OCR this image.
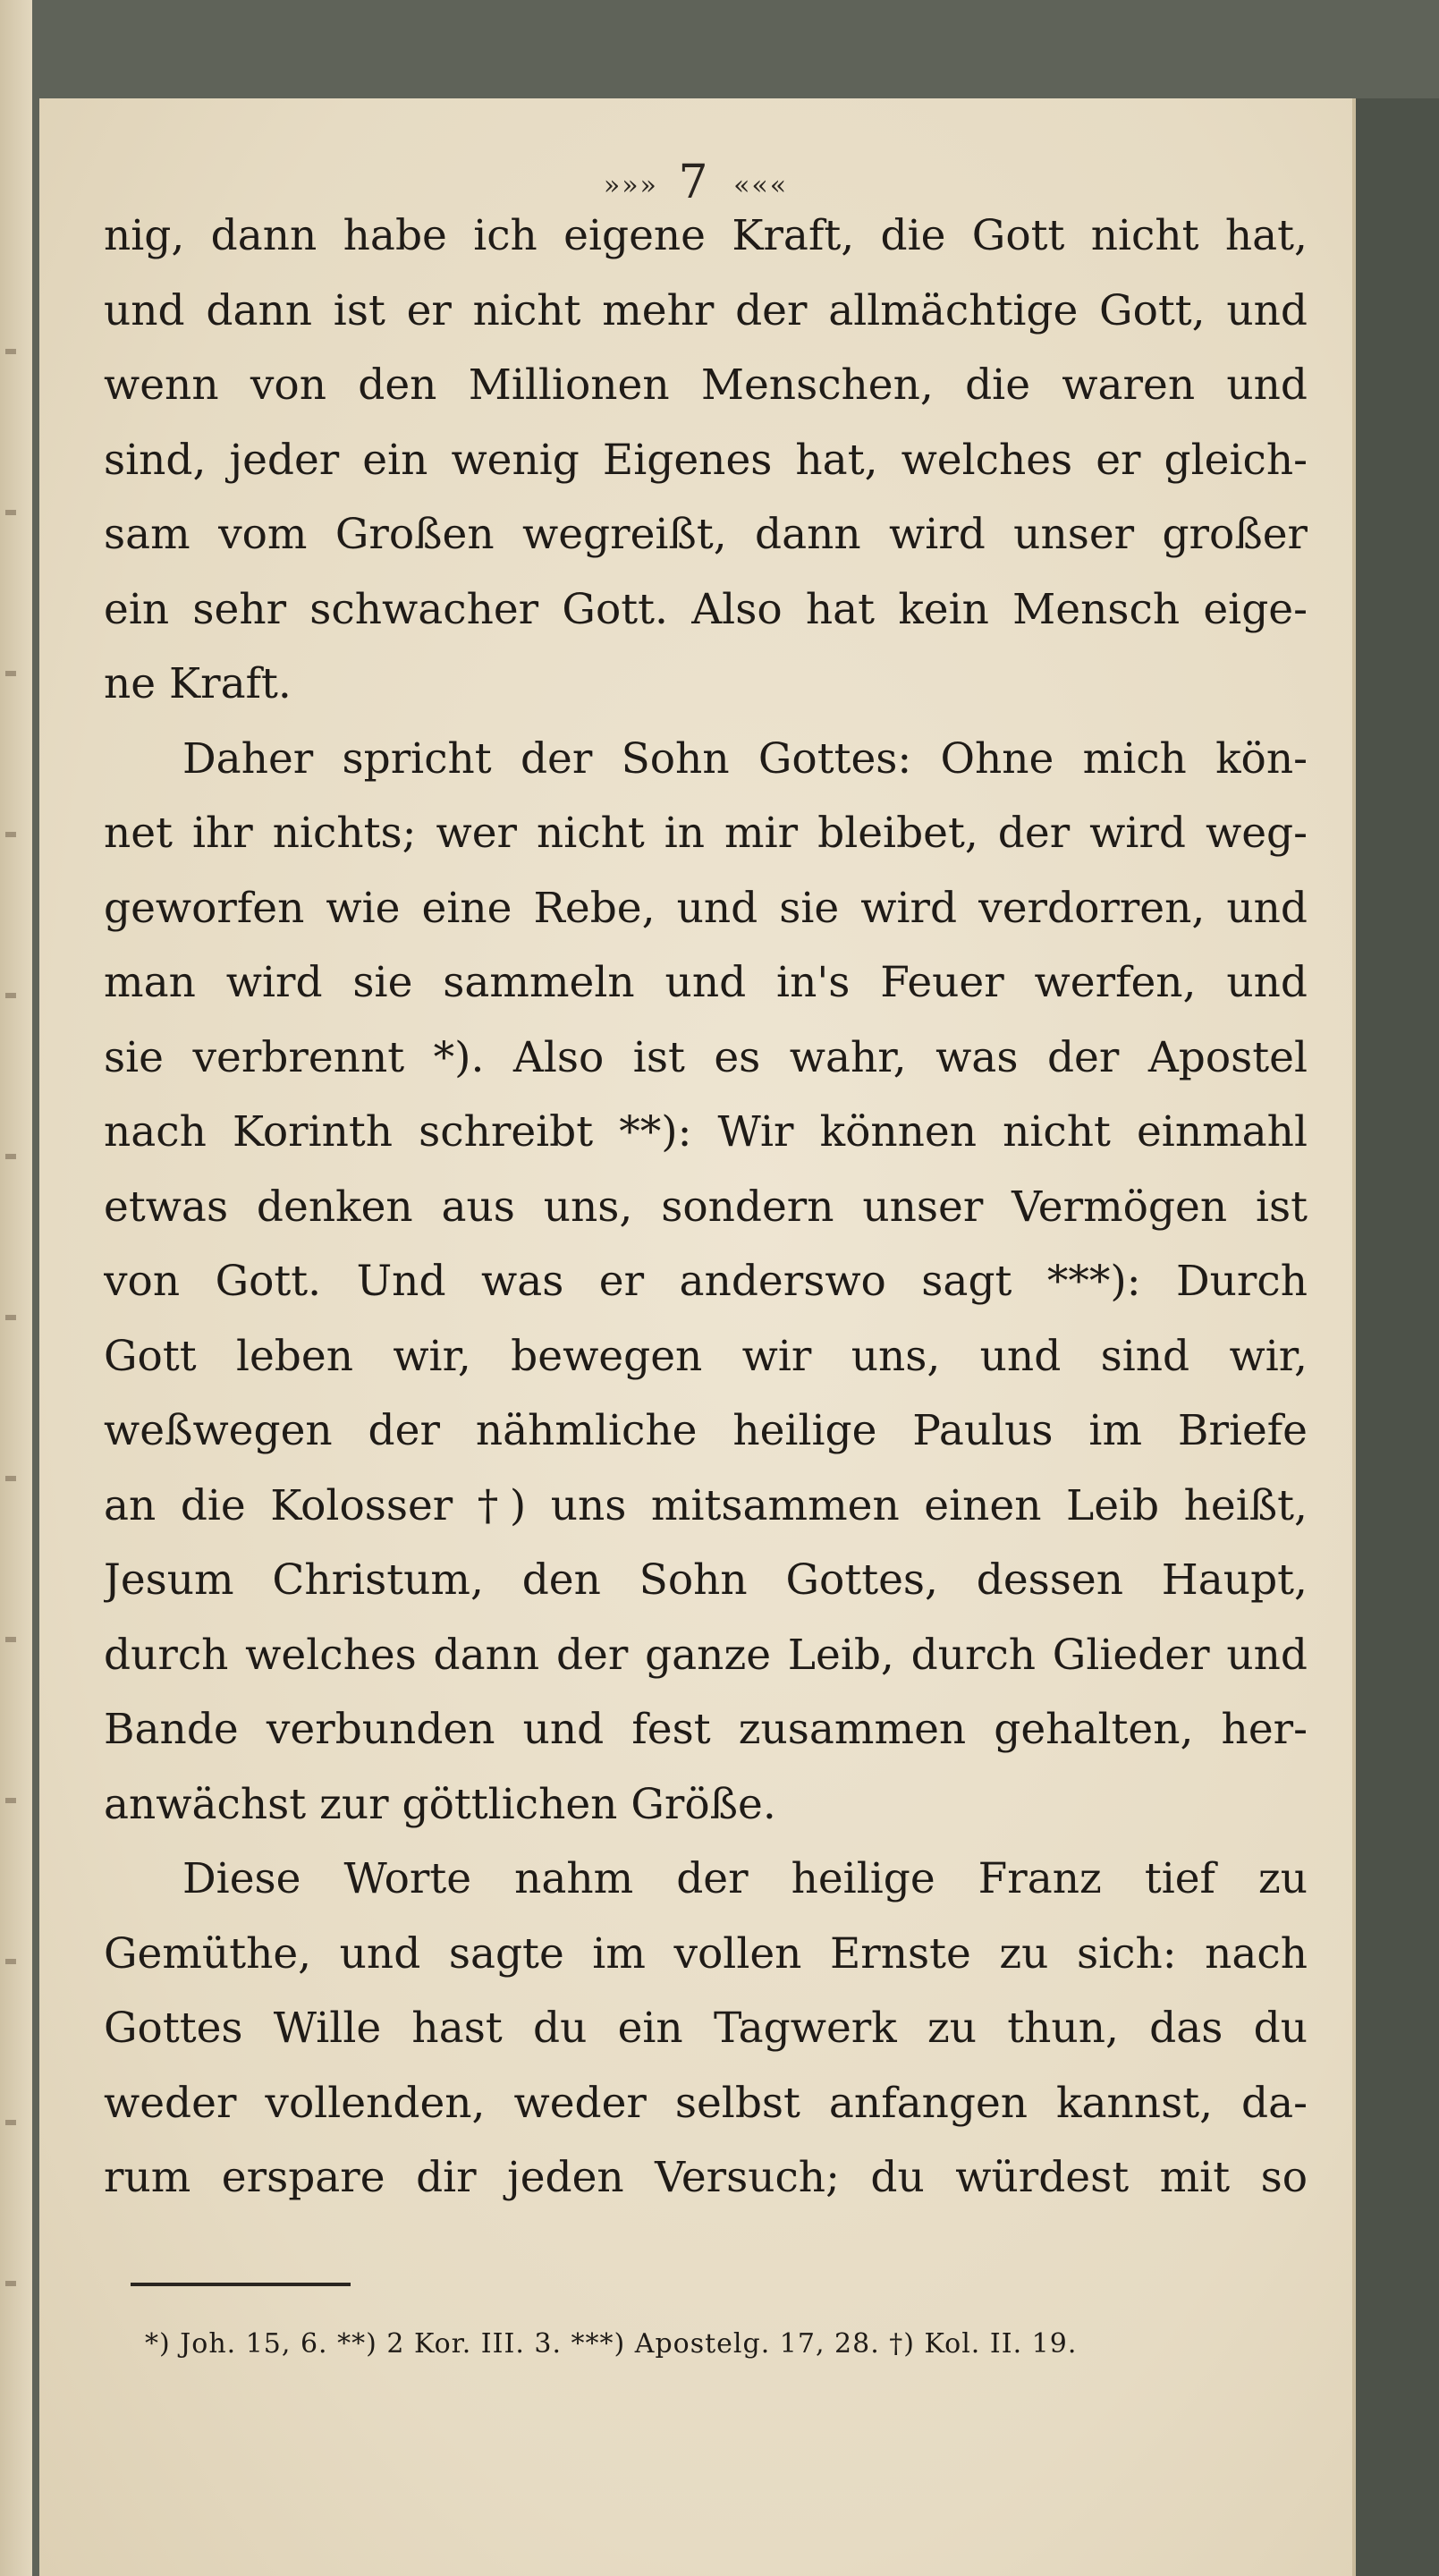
»»» 7 «««
nig, dann habe ich eigene Kraft, die Gott nicht hat,
und dann ist er nicht mehr der allmächtige Gott, und
wenn von den Millionen Menschen, die waren und
sind, jeder ein wenig Eigenes hat, welches er gleich-
sam vom Großen wegreißt, dann wird unser großer
ein sehr schwacher Gott. Also hat kein Mensch eige-
ne Kraft.
Daher spricht der Sohn Gottes: Ohne mich kön-
net ihr nichts; wer nicht in mir bleibet, der wird weg-
geworfen wie eine Rebe, und sie wird verdorren, und
man wird sie sammeln und in's Feuer werfen, und
sie verbrennt *). Also ist es wahr, was der Apostel
nach Korinth schreibt **): Wir können nicht einmahl
etwas denken aus uns, sondern unser Vermögen ist
von Gott. Und was er anderswo sagt ***): Durch
Gott leben wir, bewegen wir uns, und sind wir,
weßwegen der nähmliche heilige Paulus im Briefe
an die Kolosser †) uns mitsammen einen Leib heißt,
Jesum Christum, den Sohn Gottes, dessen Haupt,
durch welches dann der ganze Leib, durch Glieder und
Bande verbunden und fest zusammen gehalten, her-
anwächst zur göttlichen Größe.
Diese Worte nahm der heilige Franz tief zu
Gemüthe, und sagte im vollen Ernste zu sich: nach
Gottes Wille hast du ein Tagwerk zu thun, das du
weder vollenden, weder selbst anfangen kannst, da-
rum erspare dir jeden Versuch; du würdest mit so
*) Joh. 15, 6. **) 2 Kor. III. 3. ***) Apostelg. 17, 28. †) Kol. II. 19.
